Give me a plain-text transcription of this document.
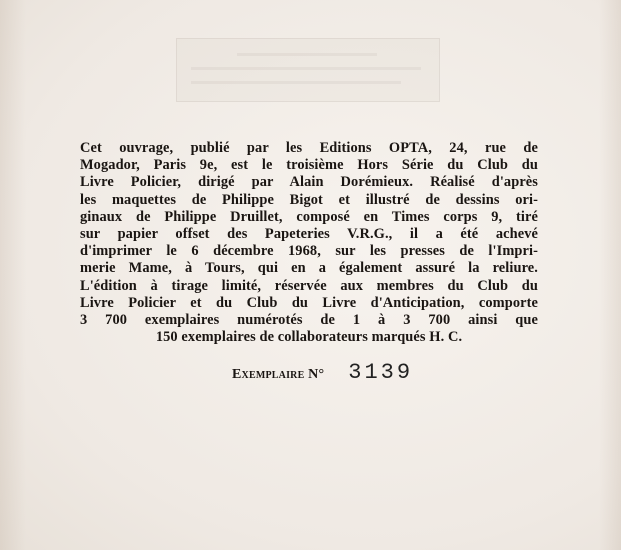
Cet ouvrage, publié par les Editions OPTA, 24, rue de
Mogador, Paris 9e, est le troisième Hors Série du Club du
Livre Policier, dirigé par Alain Dorémieux. Réalisé d'après
les maquettes de Philippe Bigot et illustré de dessins ori-
ginaux de Philippe Druillet, composé en Times corps 9, tiré
sur papier offset des Papeteries V.R.G., il a été achevé
d'imprimer le 6 décembre 1968, sur les presses de l'Impri-
merie Mame, à Tours, qui en a également assuré la reliure.
L'édition à tirage limité, réservée aux membres du Club du
Livre Policier et du Club du Livre d'Anticipation, comporte
3 700 exemplaires numérotés de 1 à 3 700 ainsi que
150 exemplaires de collaborateurs marqués H. C.
Exemplaire N° 3139
